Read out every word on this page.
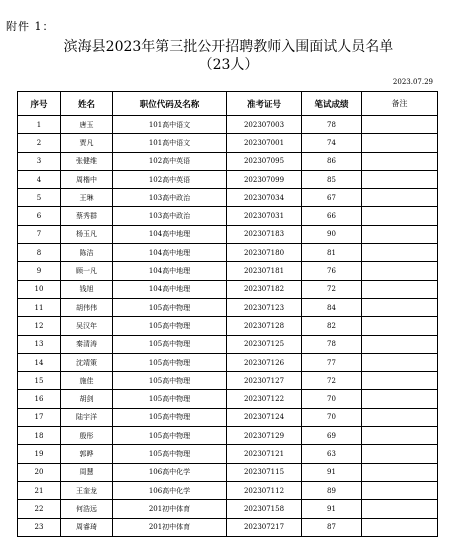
附件 1：
滨海县2023年第三批公开招聘教师入围面试人员名单
（23人）
2023.07.29
序号	姓名	职位代码及名称	准考证号	笔试成绩	备注
1	唐玉	101高中语文	202307003	78	
2	贾凡	101高中语文	202307001	74	
3	张健维	102高中英语	202307095	86	
4	周楷中	102高中英语	202307099	85	
5	王琳	103高中政治	202307034	67	
6	蔡秀群	103高中政治	202307031	66	
7	杨玉凡	104高中地理	202307183	90	
8	陈洁	104高中地理	202307180	81	
9	顾一凡	104高中地理	202307181	76	
10	钱旭	104高中地理	202307182	72	
11	胡伟伟	105高中物理	202307123	84	
12	吴汉年	105高中物理	202307128	82	
13	秦清涛	105高中物理	202307125	78	
14	沈靖策	105高中物理	202307126	77	
15	施佳	105高中物理	202307127	72	
16	胡剑	105高中物理	202307122	70	
17	陆宇洋	105高中物理	202307124	70	
18	殷彤	105高中物理	202307129	69	
19	郭晔	105高中物理	202307121	63	
20	周慧	106高中化学	202307115	91	
21	王奎龙	106高中化学	202307112	89	
22	何浩远	201初中体育	202307158	91	
23	周睿琦	201初中体育	202307217	87	
